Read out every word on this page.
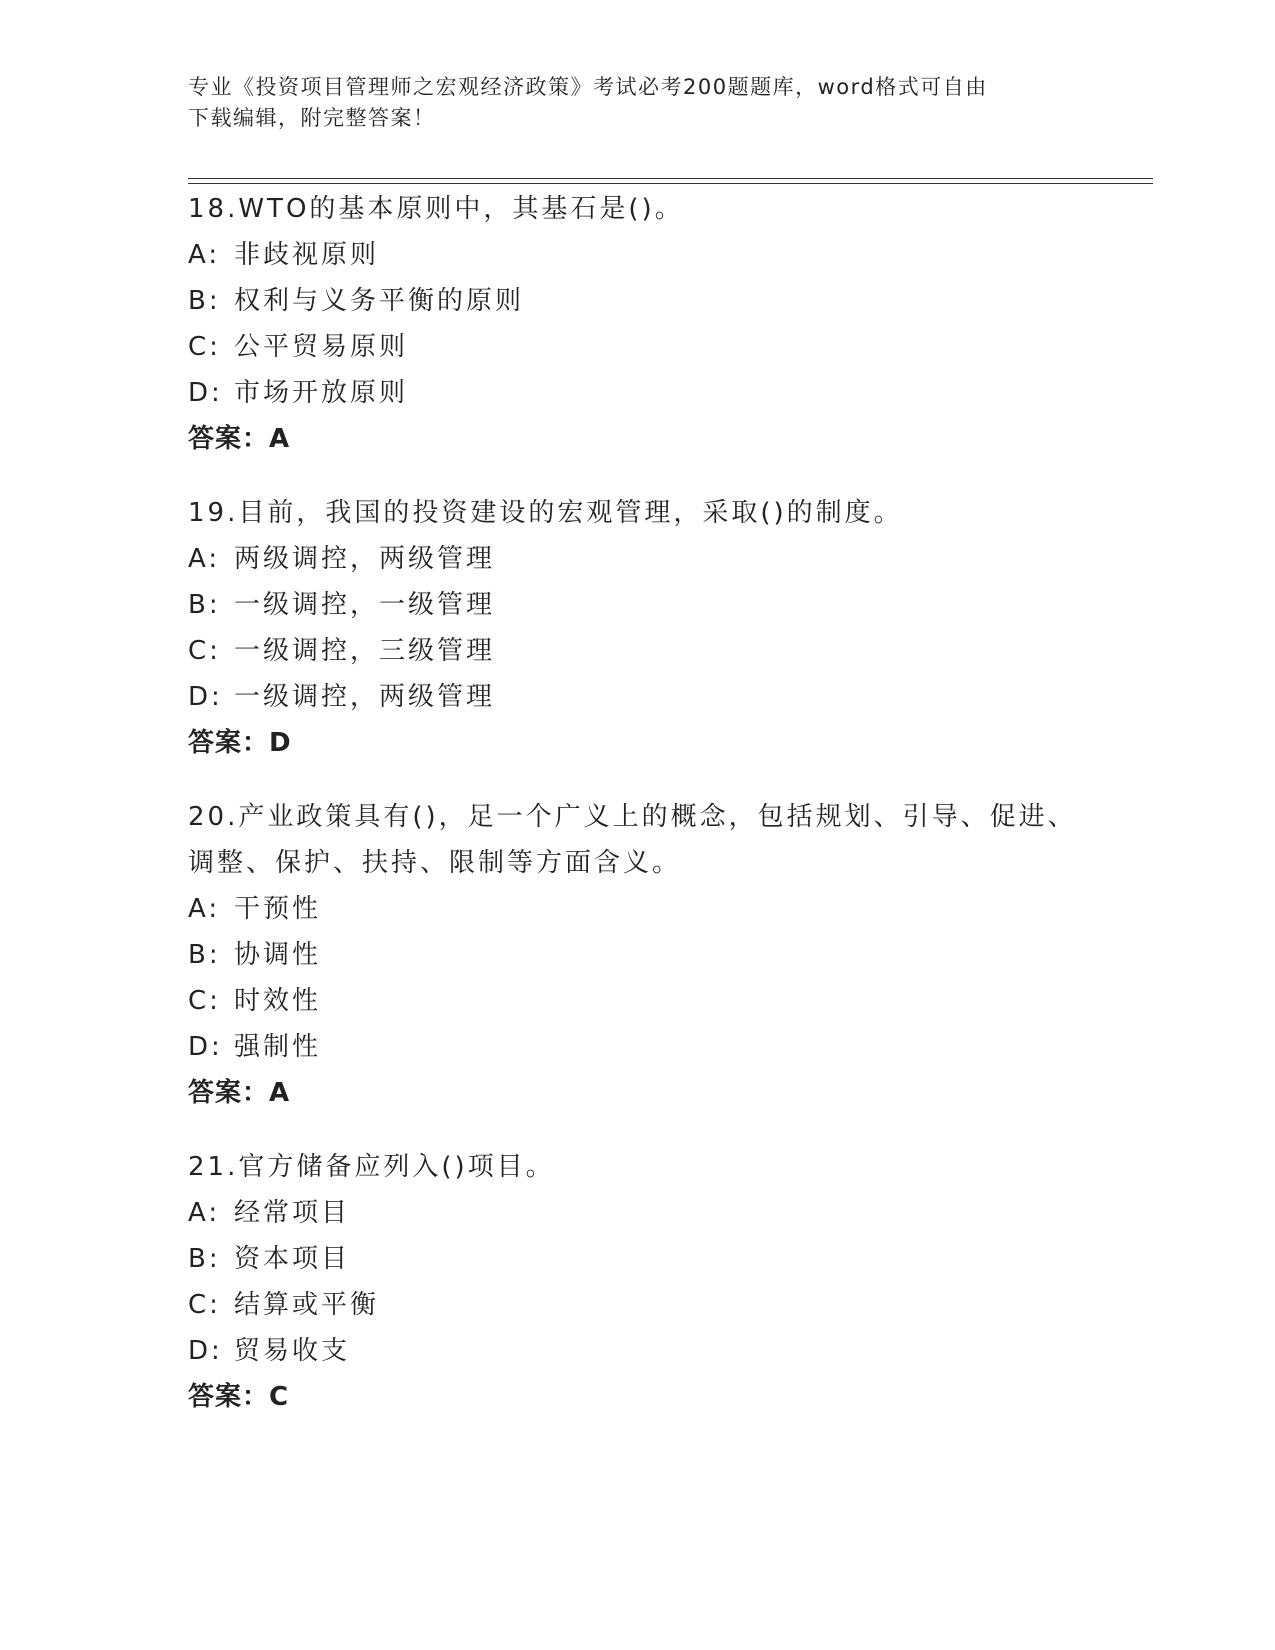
专业《投资项目管理师之宏观经济政策》考试必考200题题库，word格式可自由
下载编辑，附完整答案！
18.WTO的基本原则中，其基石是()。
A: 非歧视原则
B: 权利与义务平衡的原则
C: 公平贸易原则
D: 市场开放原则
答案：A
19.目前，我国的投资建设的宏观管理，采取()的制度。
A: 两级调控，两级管理
B: 一级调控，一级管理
C: 一级调控，三级管理
D: 一级调控，两级管理
答案：D
20.产业政策具有()，足一个广义上的概念，包括规划、引导、促进、
调整、保护、扶持、限制等方面含义。
A: 干预性
B: 协调性
C: 时效性
D: 强制性
答案：A
21.官方储备应列入()项目。
A: 经常项目
B: 资本项目
C: 结算或平衡
D: 贸易收支
答案：C
